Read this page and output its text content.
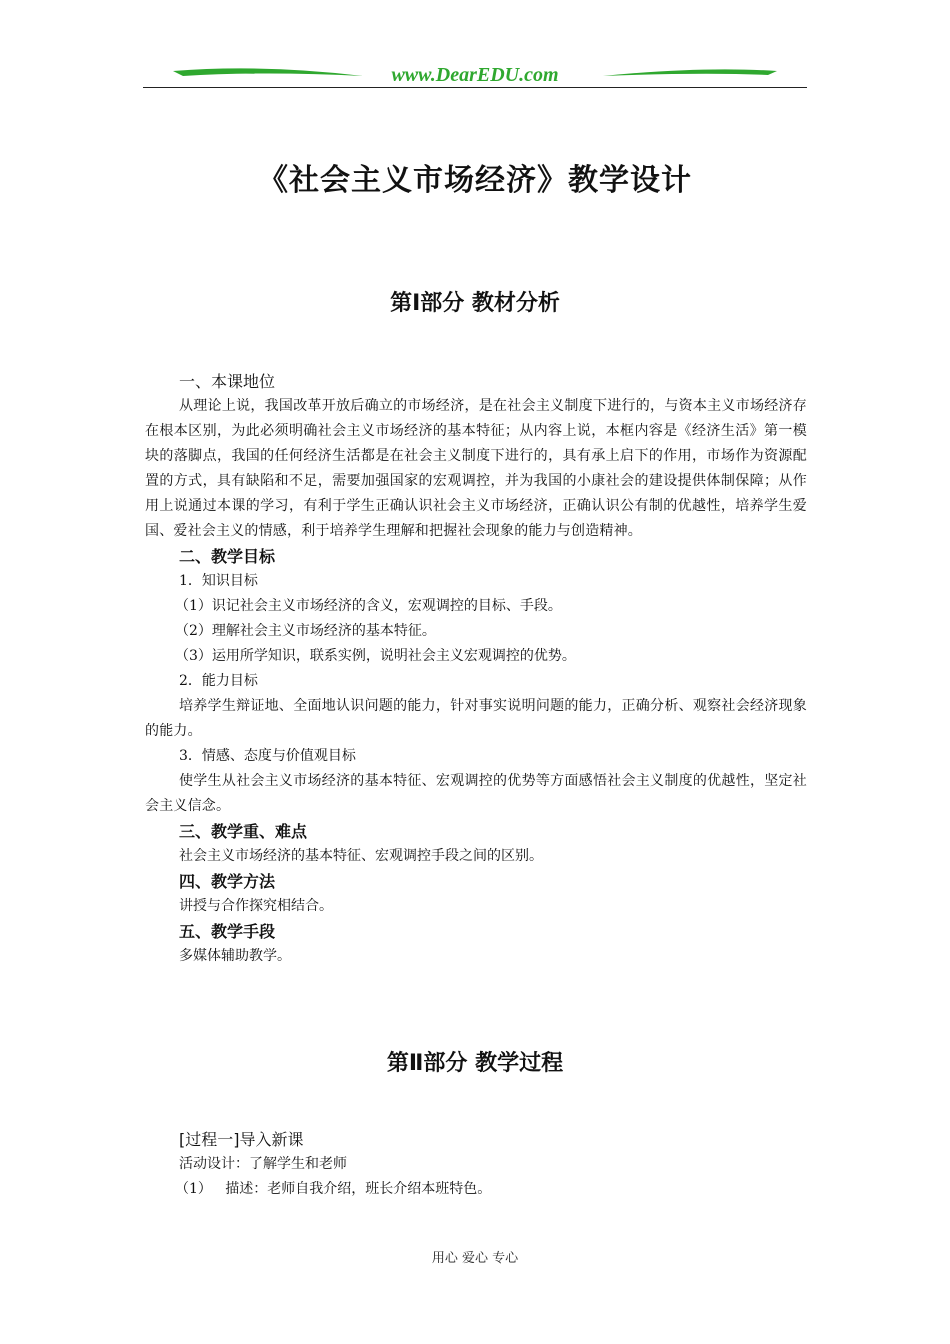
www.DearEDU.com
《社会主义市场经济》教学设计
第Ⅰ部分 教材分析
一、本课地位
从理论上说，我国改革开放后确立的市场经济，是在社会主义制度下进行的，与资本主义市场经济存在根本区别，为此必须明确社会主义市场经济的基本特征；从内容上说，本框内容是《经济生活》第一模块的落脚点，我国的任何经济生活都是在社会主义制度下进行的，具有承上启下的作用，市场作为资源配置的方式，具有缺陷和不足，需要加强国家的宏观调控，并为我国的小康社会的建设提供体制保障；从作用上说通过本课的学习，有利于学生正确认识社会主义市场经济，正确认识公有制的优越性，培养学生爱国、爱社会主义的情感，利于培养学生理解和把握社会现象的能力与创造精神。
二、教学目标
1．知识目标
（1）识记社会主义市场经济的含义，宏观调控的目标、手段。
（2）理解社会主义市场经济的基本特征。
（3）运用所学知识，联系实例，说明社会主义宏观调控的优势。
2．能力目标
培养学生辩证地、全面地认识问题的能力，针对事实说明问题的能力，正确分析、观察社会经济现象的能力。
3．情感、态度与价值观目标
使学生从社会主义市场经济的基本特征、宏观调控的优势等方面感悟社会主义制度的优越性，坚定社会主义信念。
三、教学重、难点
社会主义市场经济的基本特征、宏观调控手段之间的区别。
四、教学方法
讲授与合作探究相结合。
五、教学手段
多媒体辅助教学。
第Ⅱ部分 教学过程
[过程一]导入新课
活动设计：了解学生和老师
（1）   描述：老师自我介绍，班长介绍本班特色。
用心 爱心 专心
